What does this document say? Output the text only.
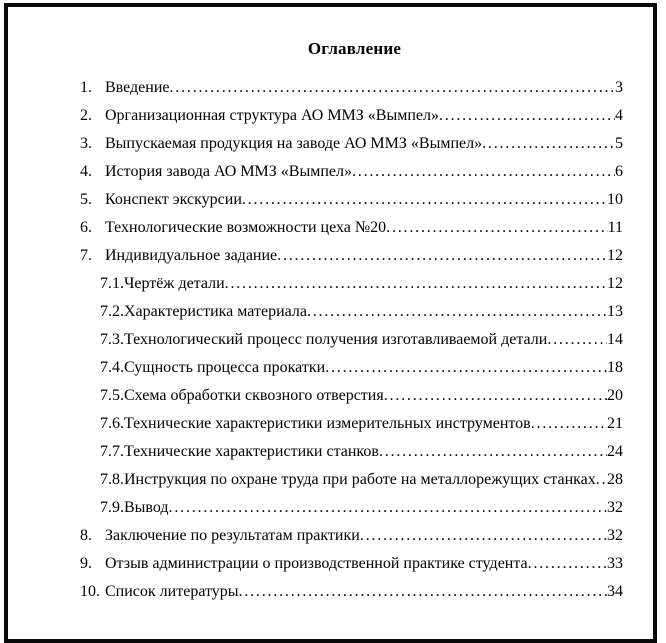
Оглавление
1. Введение .....	3
2. Организационная структура АО ММЗ «Вымпел» .....	4
3. Выпускаемая продукция на заводе АО ММЗ «Вымпел» .....	5
4. История завода АО ММЗ «Вымпел» .....	6
5. Конспект экскурсии .....	10
6. Технологические возможности цеха №20 .....	11
7. Индивидуальное задание .....	12
7.1. Чертёж детали .....	12
7.2. Характеристика материала .....	13
7.3. Технологический процесс получения изготавливаемой детали .....	14
7.4. Сущность процесса прокатки .....	18
7.5. Схема обработки сквозного отверстия .....	20
7.6. Технические характеристики измерительных инструментов .....	21
7.7. Технические характеристики станков .....	24
7.8. Инструкция по охране труда при работе на металлорежущих станках ..... 28
7.9. Вывод .....	32
8. Заключение по результатам практики .....	32
9. Отзыв администрации о производственной практике студента .....	33
10. Список литературы .....	34
